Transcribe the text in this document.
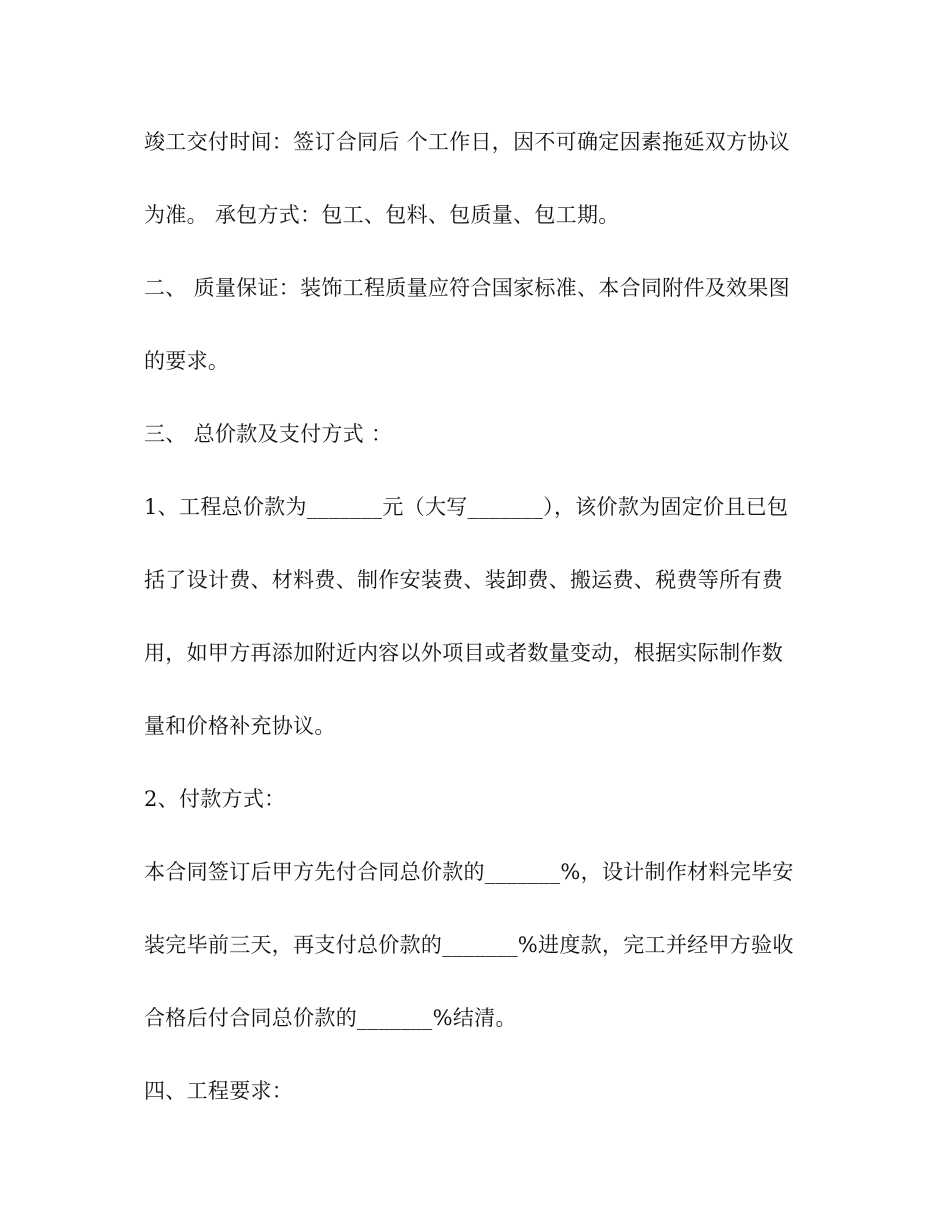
竣工交付时间：签订合同后 个工作日，因不可确定因素拖延双方协议
为准。 承包方式：包工、包料、包质量、包工期。
二、 质量保证：装饰工程质量应符合国家标准、本合同附件及效果图
的要求。
三、 总价款及支付方式 ：
1、工程总价款为_______元（大写_______），该价款为固定价且已包
括了设计费、材料费、制作安装费、装卸费、搬运费、税费等所有费
用，如甲方再添加附近内容以外项目或者数量变动，根据实际制作数
量和价格补充协议。
2、付款方式：
本合同签订后甲方先付合同总价款的_______%，设计制作材料完毕安
装完毕前三天，再支付总价款的_______%进度款，完工并经甲方验收
合格后付合同总价款的_______%结清。
四、工程要求：
